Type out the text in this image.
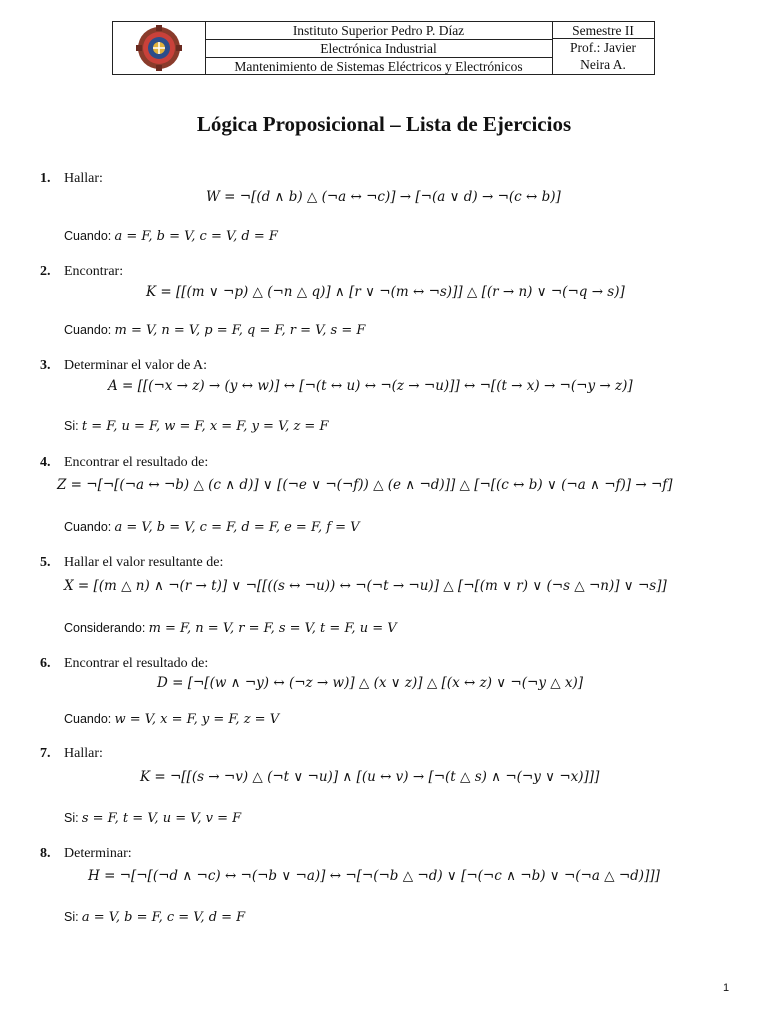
Instituto Superior Pedro P. Díaz
Electrónica Industrial
Mantenimiento de Sistemas Eléctricos y Electrónicos
Semestre II
Prof.: Javier
Neira A.
Lógica Proposicional – Lista de Ejercicios
1. Hallar:
W = ¬[(d ∧ b) △ (¬a ↔ ¬c)] → [¬(a ∨ d) → ¬(c ↔ b)]
Cuando: a = F, b = V, c = V, d = F
2. Encontrar:
K = [[(m ∨ ¬p) △ (¬n △ q)] ∧ [r ∨ ¬(m ↔ ¬s)]] △ [(r → n) ∨ ¬(¬q → s)]
Cuando: m = V, n = V, p = F, q = F, r = V, s = F
3. Determinar el valor de A:
A = [[(¬x → z) → (y ↔ w)] ↔ [¬(t ↔ u) ↔ ¬(z → ¬u)]] ↔ ¬[(t → x) → ¬(¬y → z)]
Si: t = F, u = F, w = F, x = F, y = V, z = F
4. Encontrar el resultado de:
Z = ¬[¬[(¬a ↔ ¬b) △ (c ∧ d)] ∨ [(¬e ∨ ¬(¬f)) △ (e ∧ ¬d)]] △ [¬[(c ↔ b) ∨ (¬a ∧ ¬f)] → ¬f]
Cuando: a = V, b = V, c = F, d = F, e = F, f = V
5. Hallar el valor resultante de:
X = [(m △ n) ∧ ¬(r → t)] ∨ ¬[[((s ↔ ¬u)) ↔ ¬(¬t → ¬u)] △ [¬[(m ∨ r) ∨ (¬s △ ¬n)] ∨ ¬s]]
Considerando: m = F, n = V, r = F, s = V, t = F, u = V
6. Encontrar el resultado de:
D = [¬[(w ∧ ¬y) ↔ (¬z → w)] △ (x ∨ z)] △ [(x ↔ z) ∨ ¬(¬y △ x)]
Cuando: w = V, x = F, y = F, z = V
7. Hallar:
K = ¬[[(s → ¬v) △ (¬t ∨ ¬u)] ∧ [(u ↔ v) → [¬(t △ s) ∧ ¬(¬y ∨ ¬x)]]]
Si: s = F, t = V, u = V, v = F
8. Determinar:
H = ¬[¬[(¬d ∧ ¬c) ↔ ¬(¬b ∨ ¬a)] ↔ ¬[¬(¬b △ ¬d) ∨ [¬(¬c ∧ ¬b) ∨ ¬(¬a △ ¬d)]]]
Si: a = V, b = F, c = V, d = F
1
